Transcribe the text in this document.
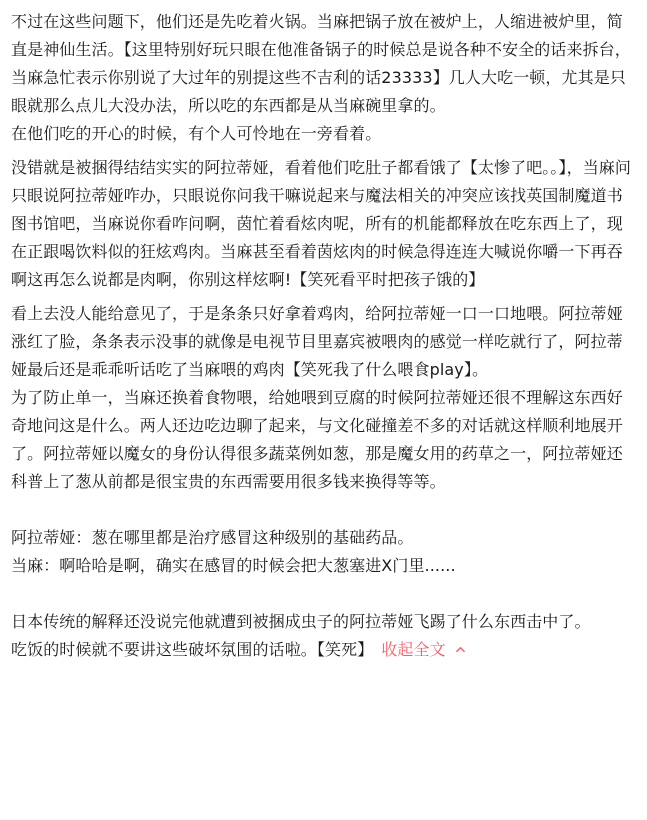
不过在这些问题下，他们还是先吃着火锅。当麻把锅子放在被炉上，人缩进被炉里，简直是神仙生活。【这里特别好玩只眼在他准备锅子的时候总是说各种不安全的话来拆台，当麻急忙表示你别说了大过年的别提这些不吉利的话23333】几人大吃一顿，尤其是只眼就那么点儿大没办法，所以吃的东西都是从当麻碗里拿的。

在他们吃的开心的时候，有个人可怜地在一旁看着。

没错就是被捆得结结实实的阿拉蒂娅，看着他们吃肚子都看饿了【太惨了吧。。】，当麻问只眼说阿拉蒂娅咋办，只眼说你问我干嘛说起来与魔法相关的冲突应该找英国制魔道书图书馆吧，当麻说你看咋问啊，茵忙着看炫肉呢，所有的机能都释放在吃东西上了，现在正跟喝饮料似的狂炫鸡肉。当麻甚至看着茵炫肉的时候急得连连大喊说你嚼一下再吞啊这再怎么说都是肉啊，你别这样炫啊!【笑死看平时把孩子饿的】

看上去没人能给意见了，于是条条只好拿着鸡肉，给阿拉蒂娅一口一口地喂。阿拉蒂娅涨红了脸，条条表示没事的就像是电视节目里嘉宾被喂肉的感觉一样吃就行了，阿拉蒂娅最后还是乖乖听话吃了当麻喂的鸡肉【笑死我了什么喂食play】。

为了防止单一，当麻还换着食物喂，给她喂到豆腐的时候阿拉蒂娅还很不理解这东西好奇地问这是什么。两人还边吃边聊了起来，与文化碰撞差不多的对话就这样顺利地展开了。阿拉蒂娅以魔女的身份认得很多蔬菜例如葱，那是魔女用的药草之一，阿拉蒂娅还科普上了葱从前都是很宝贵的东西需要用很多钱来换得等等。

阿拉蒂娅：葱在哪里都是治疗感冒这种级别的基础药品。

当麻：啊哈哈是啊，确实在感冒的时候会把大葱塞进X门里......

日本传统的解释还没说完他就遭到被捆成虫子的阿拉蒂娅飞踢了什么东西击中了。

吃饭的时候就不要讲这些破坏氛围的话啦。【笑死】 收起全文
